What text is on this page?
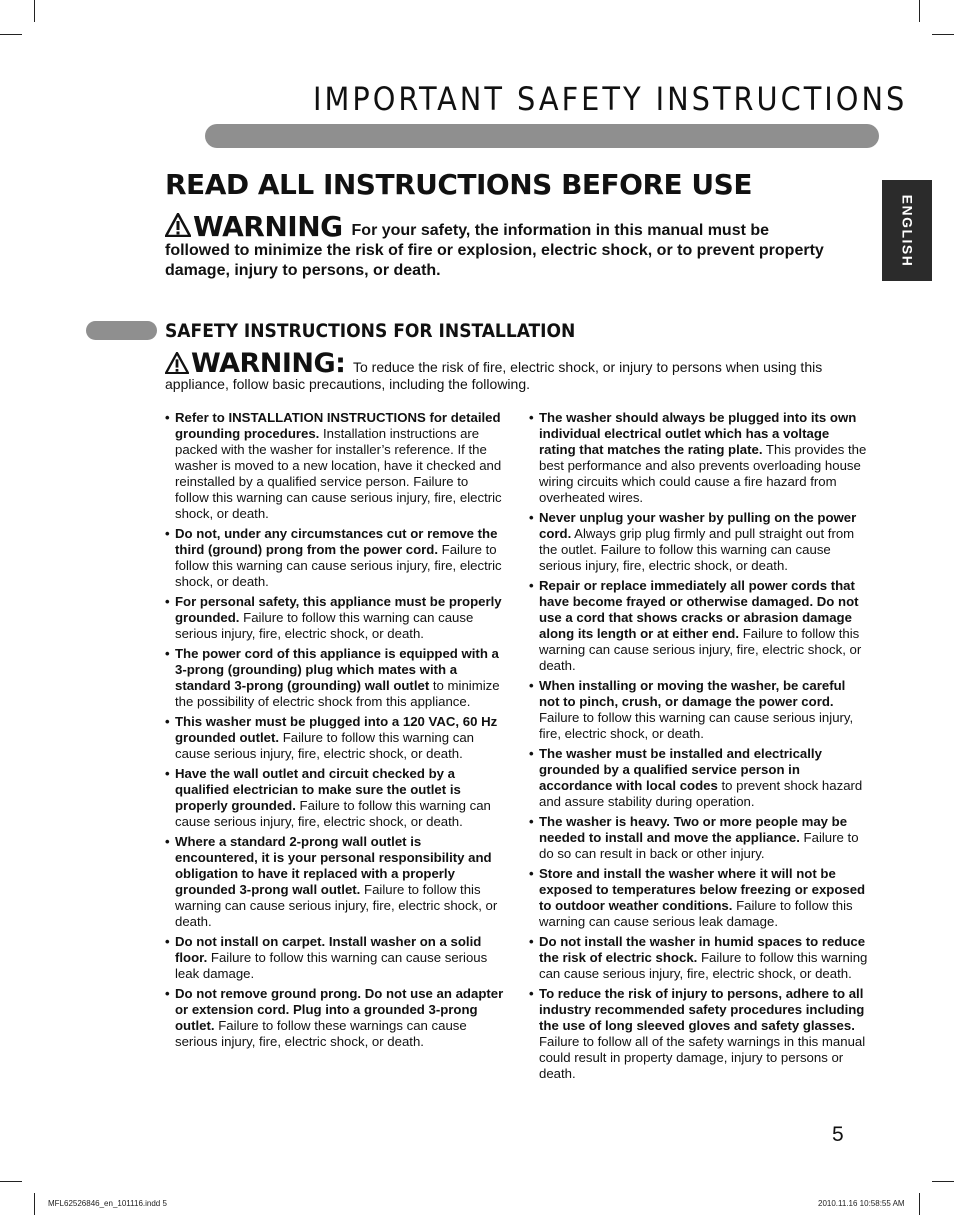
IMPORTANT SAFETY INSTRUCTIONS
ENGLISH
READ ALL INSTRUCTIONS BEFORE USE
WARNING For your safety, the information in this manual must be followed to minimize the risk of fire or explosion, electric shock, or to prevent property damage, injury to persons, or death.
SAFETY INSTRUCTIONS FOR INSTALLATION
WARNING: To reduce the risk of fire, electric shock, or injury to persons when using this appliance, follow basic precautions, including the following.
• Refer to INSTALLATION INSTRUCTIONS for detailed grounding procedures. Installation instructions are packed with the washer for installer’s reference. If the washer is moved to a new location, have it checked and reinstalled by a qualified service person. Failure to follow this warning can cause serious injury, fire, electric shock, or death.
• Do not, under any circumstances cut or remove the third (ground) prong from the power cord. Failure to follow this warning can cause serious injury, fire, electric shock, or death.
• For personal safety, this appliance must be properly grounded. Failure to follow this warning can cause serious injury, fire, electric shock, or death.
• The power cord of this appliance is equipped with a 3-prong (grounding) plug which mates with a standard 3-prong (grounding) wall outlet to minimize the possibility of electric shock from this appliance.
• This washer must be plugged into a 120 VAC, 60 Hz grounded outlet. Failure to follow this warning can cause serious injury, fire, electric shock, or death.
• Have the wall outlet and circuit checked by a qualified electrician to make sure the outlet is properly grounded. Failure to follow this warning can cause serious injury, fire, electric shock, or death.
• Where a standard 2-prong wall outlet is encountered, it is your personal responsibility and obligation to have it replaced with a properly grounded 3-prong wall outlet. Failure to follow this warning can cause serious injury, fire, electric shock, or death.
• Do not install on carpet. Install washer on a solid floor. Failure to follow this warning can cause serious leak damage.
• Do not remove ground prong. Do not use an adapter or extension cord. Plug into a grounded 3-prong outlet. Failure to follow these warnings can cause serious injury, fire, electric shock, or death.
• The washer should always be plugged into its own individual electrical outlet which has a voltage rating that matches the rating plate. This provides the best performance and also prevents overloading house wiring circuits which could cause a fire hazard from overheated wires.
• Never unplug your washer by pulling on the power cord. Always grip plug firmly and pull straight out from the outlet. Failure to follow this warning can cause serious injury, fire, electric shock, or death.
• Repair or replace immediately all power cords that have become frayed or otherwise damaged. Do not use a cord that shows cracks or abrasion damage along its length or at either end. Failure to follow this warning can cause serious injury, fire, electric shock, or death.
• When installing or moving the washer, be careful not to pinch, crush, or damage the power cord. Failure to follow this warning can cause serious injury, fire, electric shock, or death.
• The washer must be installed and electrically grounded by a qualified service person in accordance with local codes to prevent shock hazard and assure stability during operation.
• The washer is heavy. Two or more people may be needed to install and move the appliance. Failure to do so can result in back or other injury.
• Store and install the washer where it will not be exposed to temperatures below freezing or exposed to outdoor weather conditions. Failure to follow this warning can cause serious leak damage.
• Do not install the washer in humid spaces to reduce the risk of electric shock. Failure to follow this warning can cause serious injury, fire, electric shock, or death.
• To reduce the risk of injury to persons, adhere to all industry recommended safety procedures including the use of long sleeved gloves and safety glasses. Failure to follow all of the safety warnings in this manual could result in property damage, injury to persons or death.
5
MFL62526846_en_101116.indd 5	2010.11.16 10:58:55 AM
